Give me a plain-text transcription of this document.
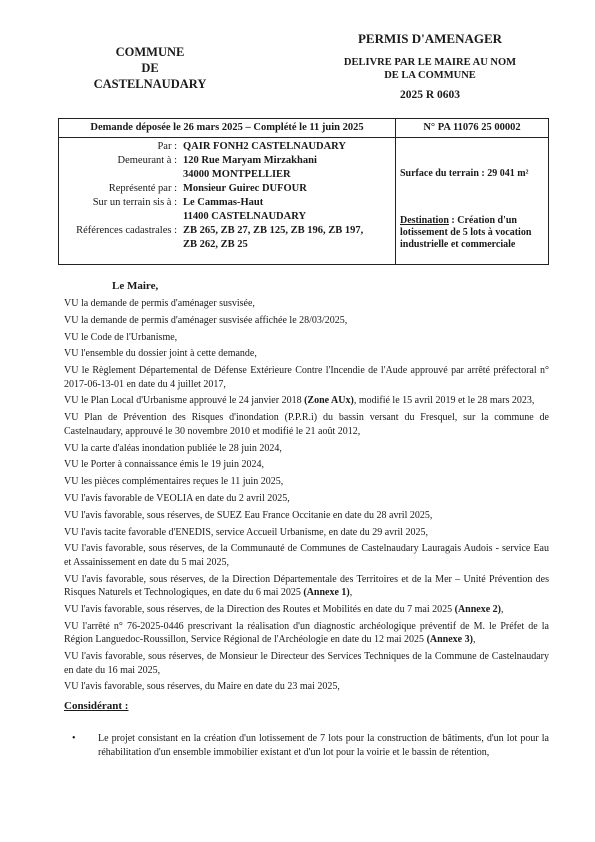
COMMUNE
DE
CASTELNAUDARY
PERMIS D'AMENAGER
DELIVRE PAR LE MAIRE AU NOM
DE LA COMMUNE
2025 R 0603
Demande déposée le 26 mars 2025 – Complété le 11 juin 2025	N° PA 11076 25 00002
Par : QAIR FONH2 CASTELNAUDARY
Demeurant à : 120 Rue Maryam Mirzakhani
34000 MONTPELLIER
Représenté par : Monsieur Guirec DUFOUR
Sur un terrain sis à : Le Cammas-Haut
11400 CASTELNAUDARY
Références cadastrales : ZB 265, ZB 27, ZB 125, ZB 196, ZB 197,
ZB 262, ZB 25
Surface du terrain : 29 041 m²
Destination : Création d'un lotissement de 5 lots à vocation industrielle et commerciale
Le Maire,

VU la demande de permis d'aménager susvisée,

VU la demande de permis d'aménager susvisée affichée le 28/03/2025,

VU le Code de l'Urbanisme,

VU l'ensemble du dossier joint à cette demande,

VU le Règlement Départemental de Défense Extérieure Contre l'Incendie de l'Aude approuvé par arrêté préfectoral n° 2017-06-13-01 en date du 4 juillet 2017,

VU le Plan Local d'Urbanisme approuvé le 24 janvier 2018 (Zone AUx), modifié le 15 avril 2019 et le 28 mars 2023,

VU Plan de Prévention des Risques d'inondation (P.P.R.i) du bassin versant du Fresquel, sur la commune de Castelnaudary, approuvé le 30 novembre 2010 et modifié le 21 août 2012,

VU la carte d'aléas inondation publiée le 28 juin 2024,

VU le Porter à connaissance émis le 19 juin 2024,

VU les pièces complémentaires reçues le 11 juin 2025,

VU l'avis favorable de VEOLIA en date du 2 avril 2025,

VU l'avis favorable, sous réserves, de SUEZ Eau France Occitanie en date du 28 avril 2025,

VU l'avis tacite favorable d'ENEDIS, service Accueil Urbanisme, en date du 29 avril 2025,

VU l'avis favorable, sous réserves, de la Communauté de Communes de Castelnaudary Lauragais Audois - service Eau et Assainissement en date du 5 mai 2025,

VU l'avis favorable, sous réserves, de la Direction Départementale des Territoires et de la Mer – Unité Prévention des Risques Naturels et Technologiques, en date du 6 mai 2025 (Annexe 1),

VU l'avis favorable, sous réserves, de la Direction des Routes et Mobilités en date du 7 mai 2025 (Annexe 2),

VU l'arrêté n° 76-2025-0446 prescrivant la réalisation d'un diagnostic archéologique préventif de M. le Préfet de la Région Languedoc-Roussillon, Service Régional de l'Archéologie en date du 12 mai 2025 (Annexe 3),

VU l'avis favorable, sous réserves, de Monsieur le Directeur des Services Techniques de la Commune de Castelnaudary en date du 16 mai 2025,

VU l'avis favorable, sous réserves, du Maire en date du 23 mai 2025,

Considérant :
• Le projet consistant en la création d'un lotissement de 7 lots pour la construction de bâtiments, d'un lot pour la réhabilitation d'un ensemble immobilier existant et d'un lot pour la voirie et le bassin de rétention,
